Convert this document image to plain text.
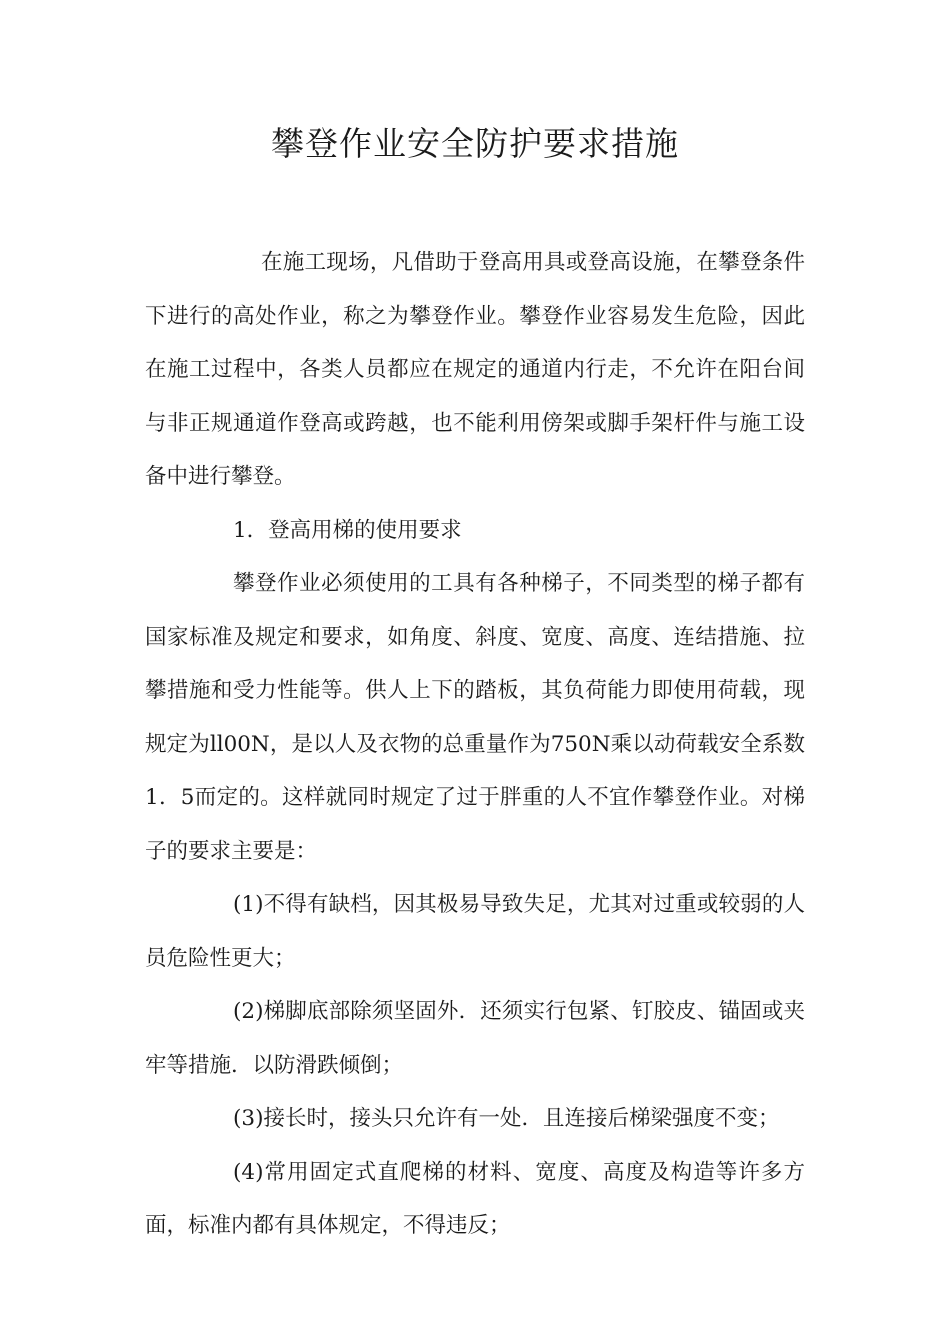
攀登作业安全防护要求措施

在施工现场，凡借助于登高用具或登高设施，在攀登条件下进行的高处作业，称之为攀登作业。攀登作业容易发生危险，因此在施工过程中，各类人员都应在规定的通道内行走，不允许在阳台间与非正规通道作登高或跨越，也不能利用傍架或脚手架杆件与施工设备中进行攀登。

1．登高用梯的使用要求

攀登作业必须使用的工具有各种梯子，不同类型的梯子都有国家标准及规定和要求，如角度、斜度、宽度、高度、连结措施、拉攀措施和受力性能等。供人上下的踏板，其负荷能力即使用荷载，现规定为ll00N，是以人及衣物的总重量作为750N乘以动荷载安全系数1．5而定的。这样就同时规定了过于胖重的人不宜作攀登作业。对梯子的要求主要是：

(1)不得有缺档，因其极易导致失足，尤其对过重或较弱的人员危险性更大；

(2)梯脚底部除须坚固外．还须实行包紧、钉胶皮、锚固或夹牢等措施．以防滑跌倾倒；

(3)接长时，接头只允许有一处．且连接后梯梁强度不变；

(4)常用固定式直爬梯的材料、宽度、高度及构造等许多方面，标准内都有具体规定，不得违反；
